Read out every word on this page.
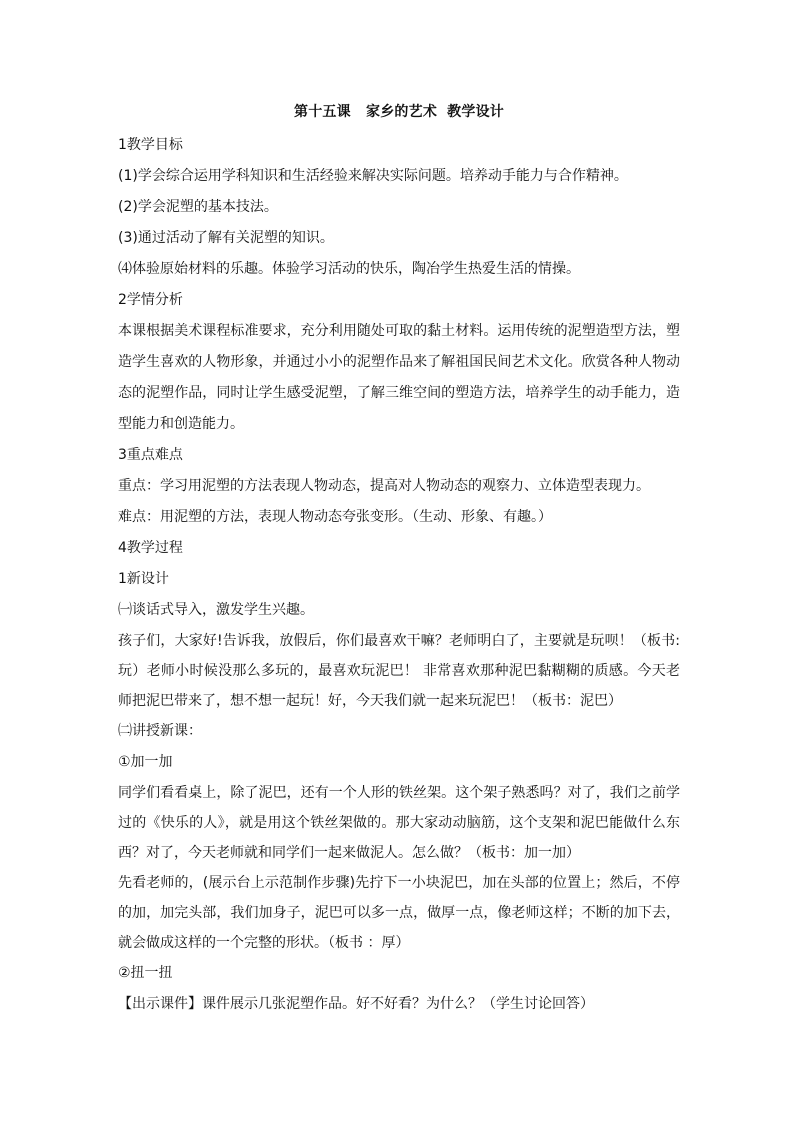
第十五课   家乡的艺术  教学设计

1教学目标

(1)学会综合运用学科知识和生活经验来解决实际问题。培养动手能力与合作精神。

(2)学会泥塑的基本技法。

(3)通过活动了解有关泥塑的知识。

⑷体验原始材料的乐趣。体验学习活动的快乐，陶冶学生热爱生活的情操。

2学情分析

本课根据美术课程标准要求，充分利用随处可取的黏土材料。运用传统的泥塑造型方法，塑造学生喜欢的人物形象，并通过小小的泥塑作品来了解祖国民间艺术文化。欣赏各种人物动态的泥塑作品，同时让学生感受泥塑，了解三维空间的塑造方法，培养学生的动手能力，造型能力和创造能力。

3重点难点

重点：学习用泥塑的方法表现人物动态，提高对人物动态的观察力、立体造型表现力。

难点：用泥塑的方法，表现人物动态夸张变形。（生动、形象、有趣。）

4教学过程

1新设计

㈠谈话式导入，激发学生兴趣。

孩子们，大家好!告诉我，放假后，你们最喜欢干嘛？老师明白了，主要就是玩呗！（板书:玩）老师小时候没那么多玩的，最喜欢玩泥巴！ 非常喜欢那种泥巴黏糊糊的质感。今天老师把泥巴带来了，想不想一起玩！好，今天我们就一起来玩泥巴！（板书：泥巴）

㈡讲授新课：

①加一加

同学们看看桌上，除了泥巴，还有一个人形的铁丝架。这个架子熟悉吗？对了，我们之前学过的《快乐的人》，就是用这个铁丝架做的。那大家动动脑筋，这个支架和泥巴能做什么东西？对了，今天老师就和同学们一起来做泥人。怎么做？（板书：加一加）

先看老师的，(展示台上示范制作步骤)先拧下一小块泥巴，加在头部的位置上；然后，不停的加，加完头部，我们加身子，泥巴可以多一点，做厚一点，像老师这样；不断的加下去，就会做成这样的一个完整的形状。（板书 ：厚）

②扭一扭

【出示课件】课件展示几张泥塑作品。好不好看？为什么？（学生讨论回答）
